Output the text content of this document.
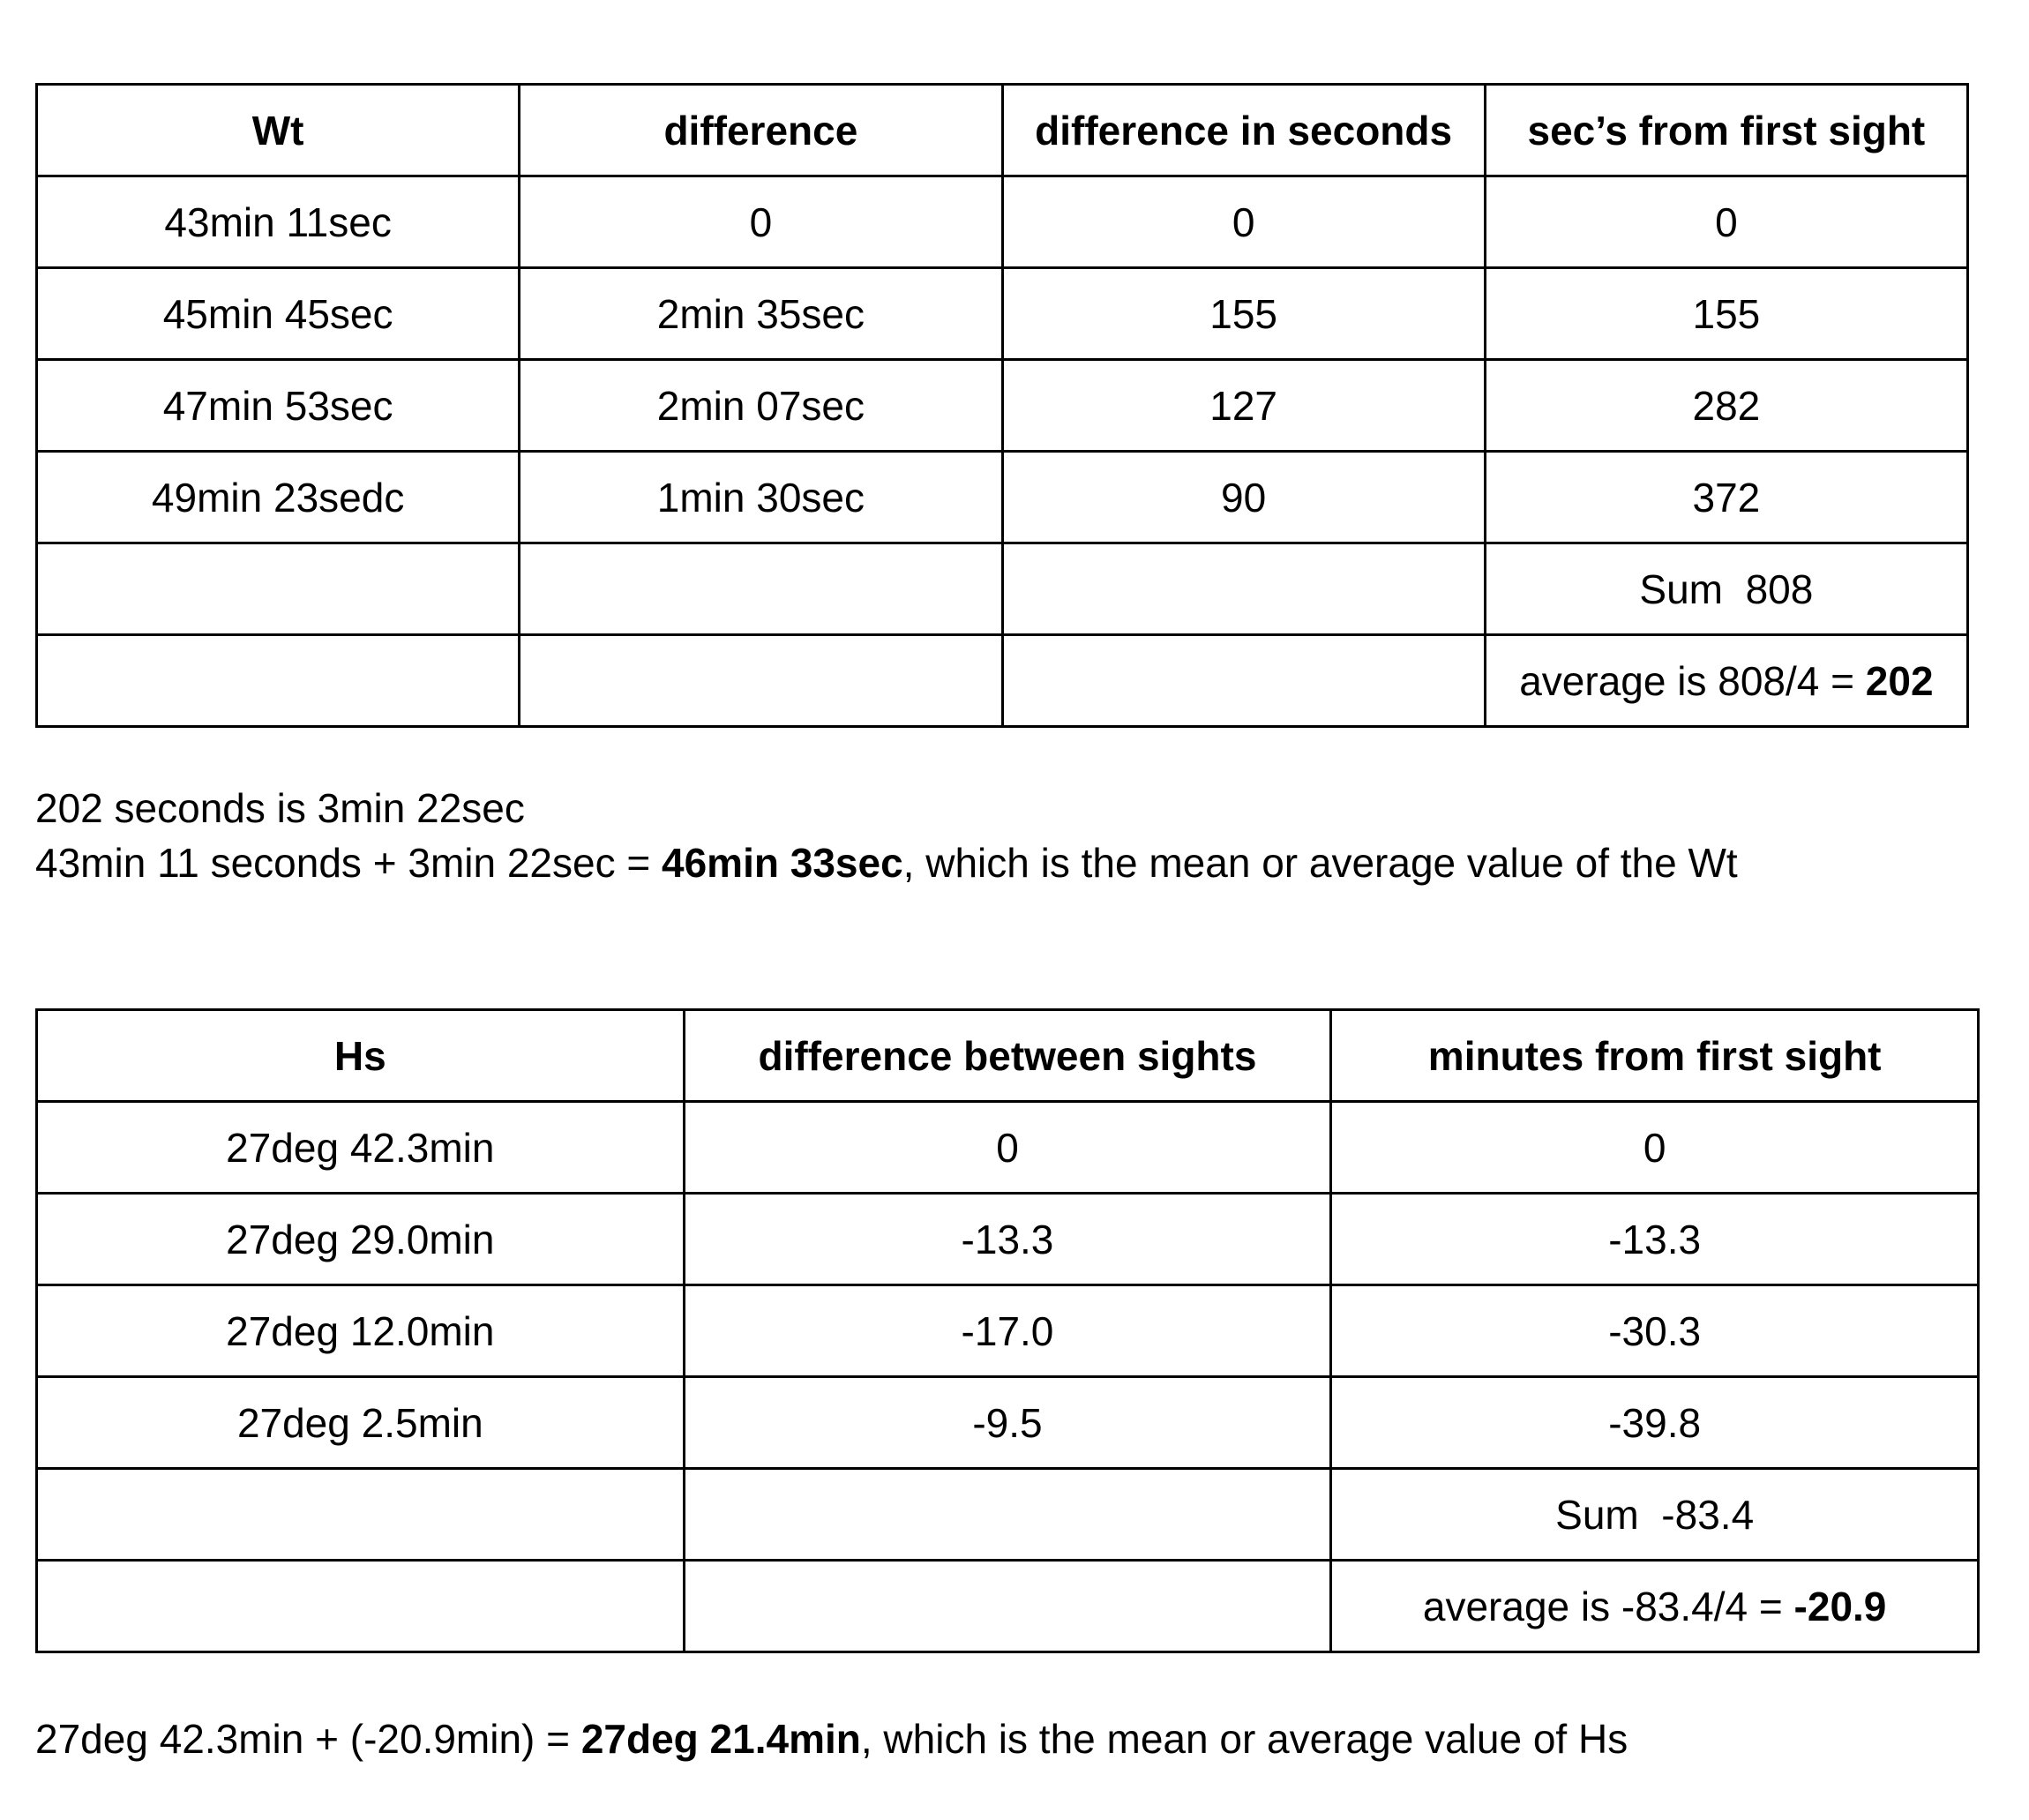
Wt	difference	difference in seconds	sec’s from first sight
43min 11sec	0	0	0
45min 45sec	2min 35sec	155	155
47min 53sec	2min 07sec	127	282
49min 23sedc	1min 30sec	90	372
			Sum  808
			average is 808/4 = 202
202 seconds is 3min 22sec
43min 11 seconds + 3min 22sec = 46min 33sec, which is the mean or average value of the Wt
Hs	difference between sights	minutes from first sight
27deg 42.3min	0	0
27deg 29.0min	-13.3	-13.3
27deg 12.0min	-17.0	-30.3
27deg 2.5min	-9.5	-39.8
		Sum  -83.4
		average is -83.4/4 = -20.9
27deg 42.3min + (-20.9min) = 27deg 21.4min, which is the mean or average value of Hs
